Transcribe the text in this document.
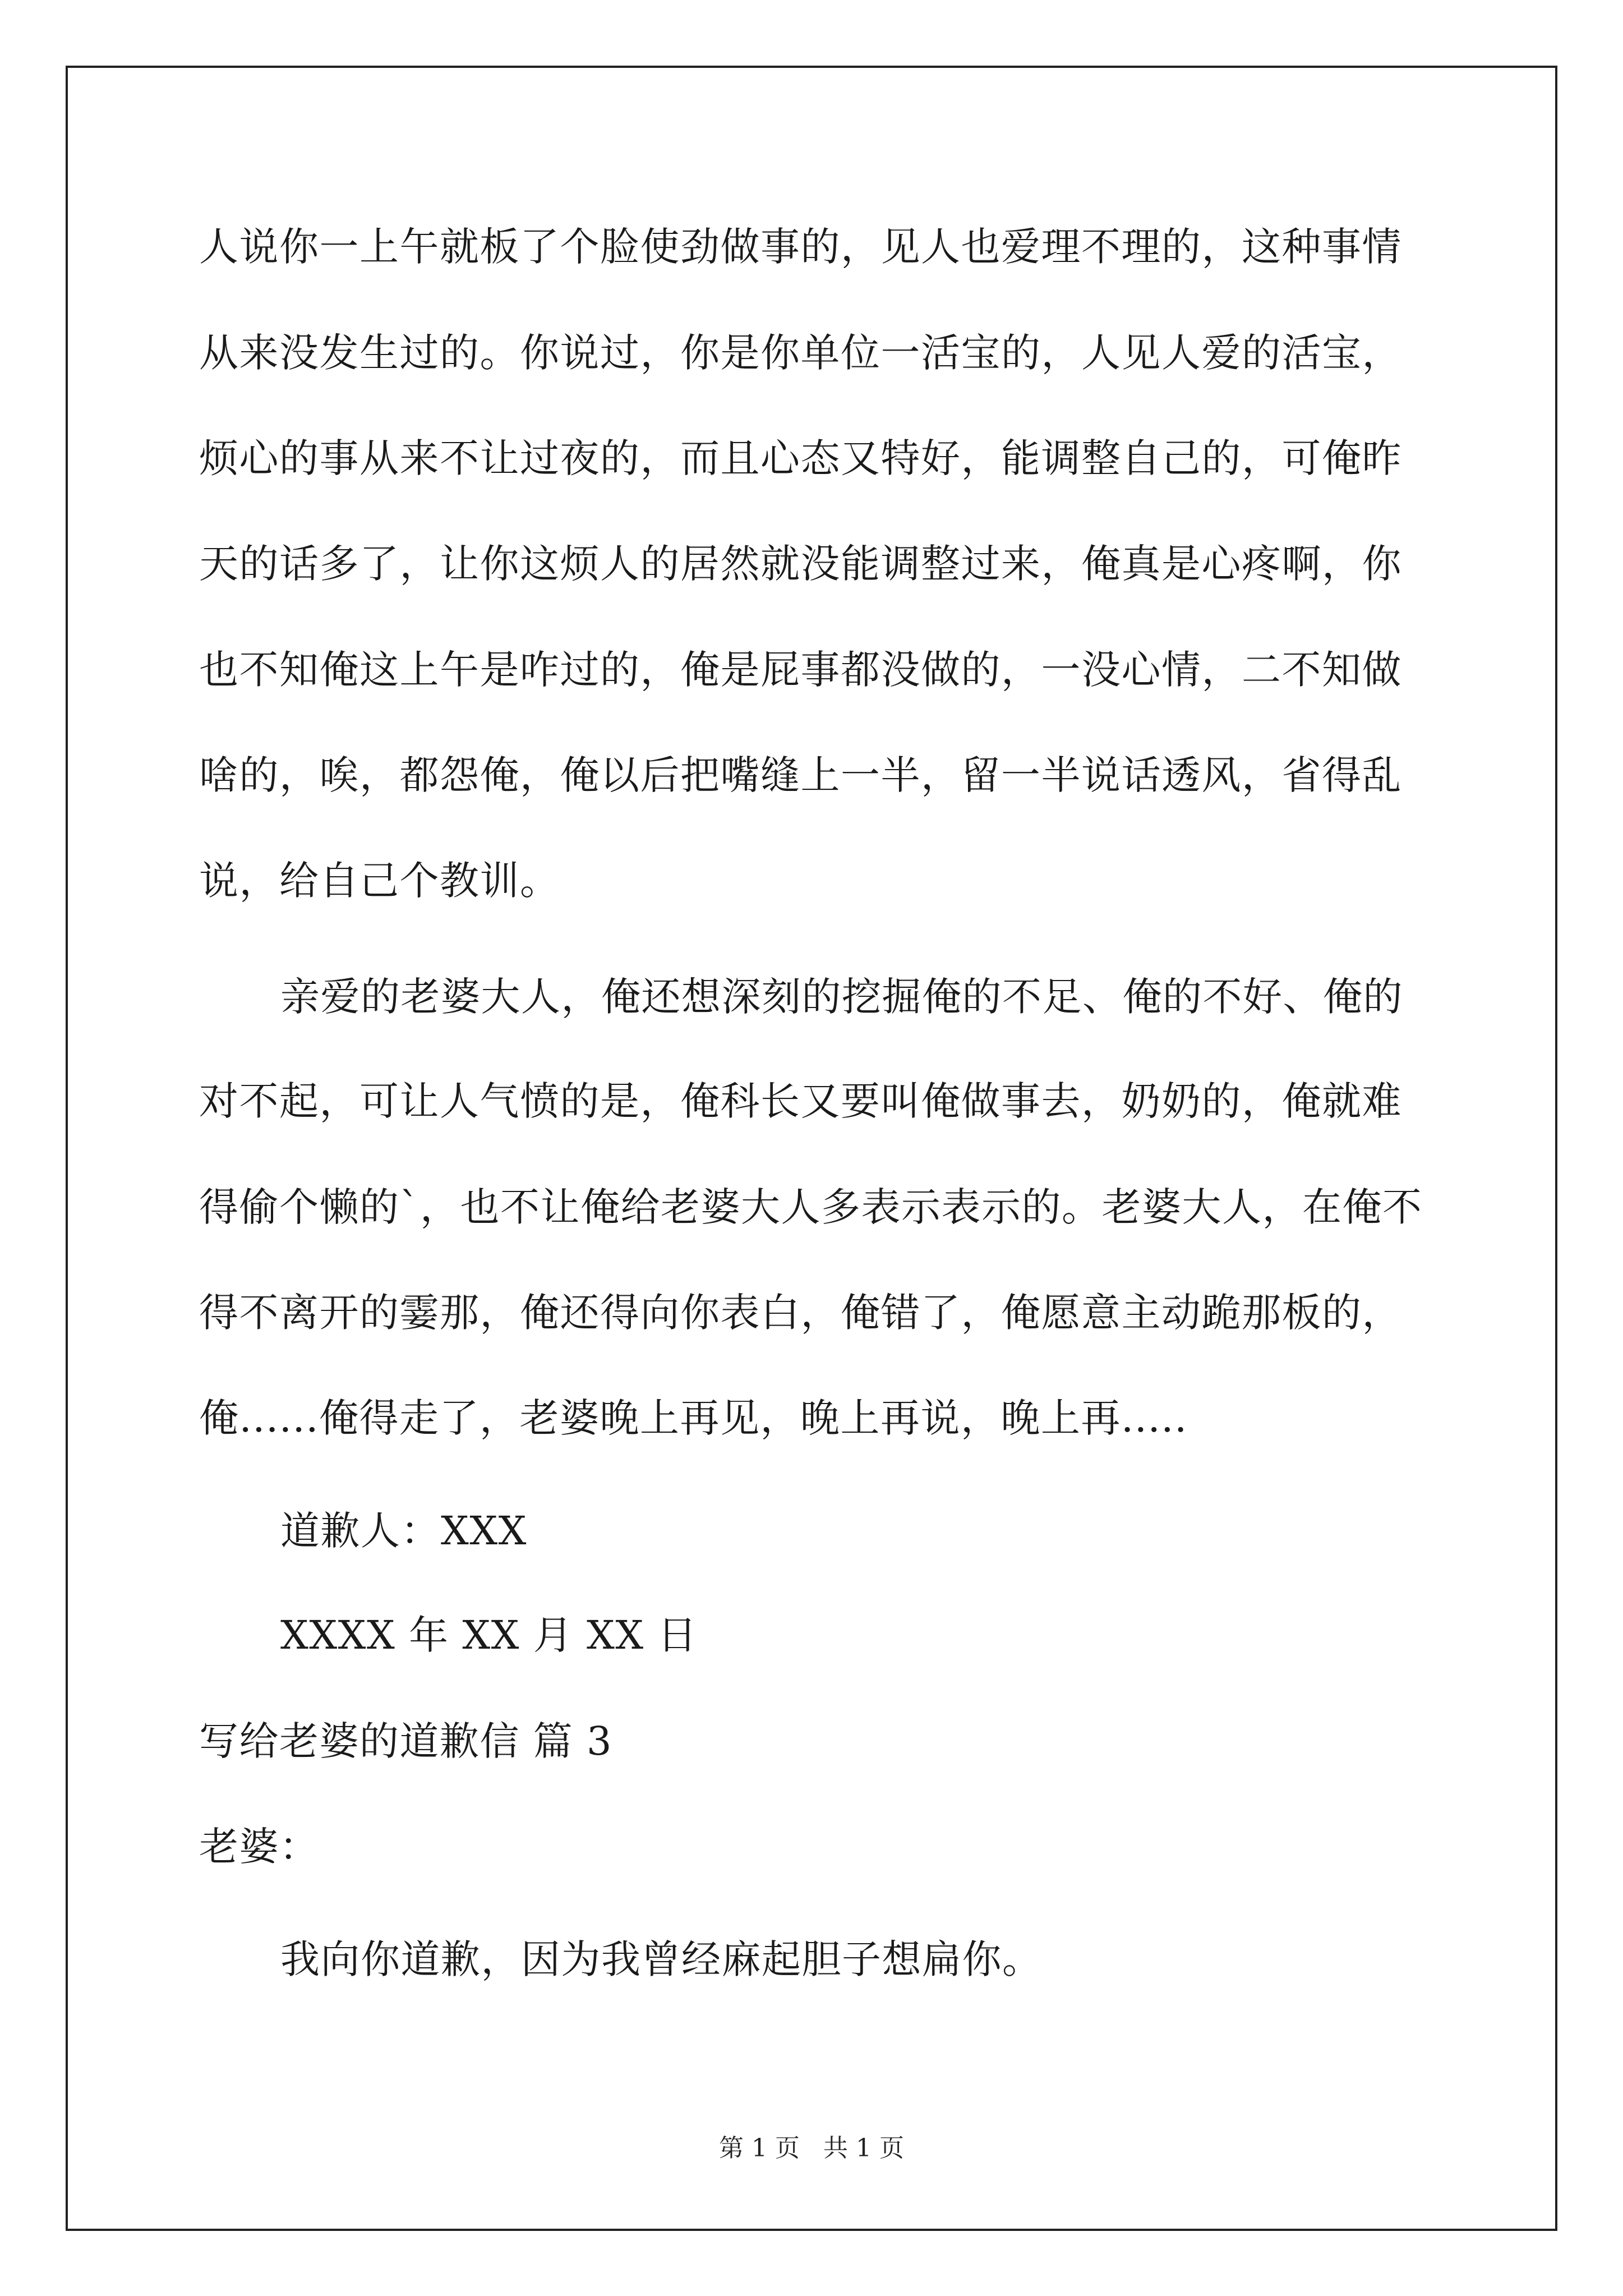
人说你一上午就板了个脸使劲做事的，见人也爱理不理的，这种事情
从来没发生过的。你说过，你是你单位一活宝的，人见人爱的活宝，
烦心的事从来不让过夜的，而且心态又特好，能调整自己的，可俺昨
天的话多了，让你这烦人的居然就没能调整过来，俺真是心疼啊，你
也不知俺这上午是咋过的，俺是屁事都没做的，一没心情，二不知做
啥的，唉，都怨俺，俺以后把嘴缝上一半，留一半说话透风，省得乱
说，给自己个教训。
亲爱的老婆大人，俺还想深刻的挖掘俺的不足、俺的不好、俺的
对不起，可让人气愤的是，俺科长又要叫俺做事去，奶奶的，俺就难
得偷个懒的`，也不让俺给老婆大人多表示表示的。老婆大人，在俺不
得不离开的霎那，俺还得向你表白，俺错了，俺愿意主动跪那板的，
俺......俺得走了，老婆晚上再见，晚上再说，晚上再.....
道歉人：XXX
XXXX 年 XX 月 XX 日
写给老婆的道歉信 篇 3
老婆：
我向你道歉，因为我曾经麻起胆子想扁你。
第 1 页   共 1 页
